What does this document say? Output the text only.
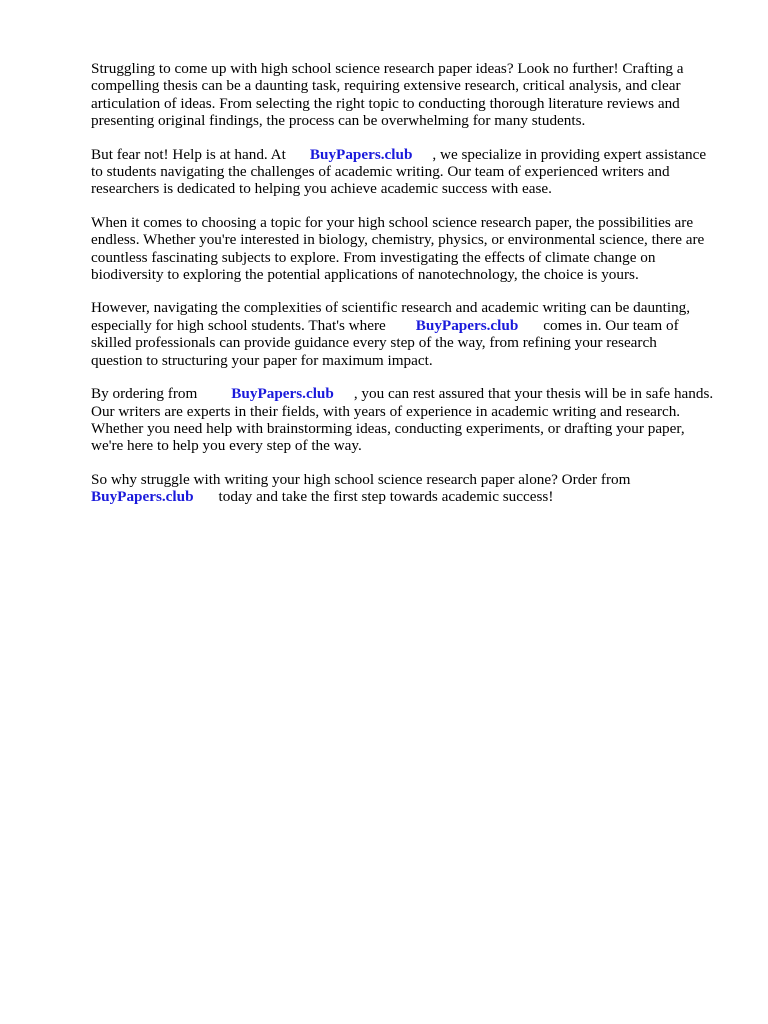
Struggling to come up with high school science research paper ideas? Look no further! Crafting a
compelling thesis can be a daunting task, requiring extensive research, critical analysis, and clear
articulation of ideas. From selecting the right topic to conducting thorough literature reviews and
presenting original findings, the process can be overwhelming for many students.

But fear not! Help is at hand. At BuyPapers.club , we specialize in providing expert assistance
to students navigating the challenges of academic writing. Our team of experienced writers and
researchers is dedicated to helping you achieve academic success with ease.

When it comes to choosing a topic for your high school science research paper, the possibilities are
endless. Whether you're interested in biology, chemistry, physics, or environmental science, there are
countless fascinating subjects to explore. From investigating the effects of climate change on
biodiversity to exploring the potential applications of nanotechnology, the choice is yours.

However, navigating the complexities of scientific research and academic writing can be daunting,
especially for high school students. That's where BuyPapers.club comes in. Our team of
skilled professionals can provide guidance every step of the way, from refining your research
question to structuring your paper for maximum impact.

By ordering from BuyPapers.club , you can rest assured that your thesis will be in safe hands.
Our writers are experts in their fields, with years of experience in academic writing and research.
Whether you need help with brainstorming ideas, conducting experiments, or drafting your paper,
we're here to help you every step of the way.

So why struggle with writing your high school science research paper alone? Order from
BuyPapers.club today and take the first step towards academic success!
